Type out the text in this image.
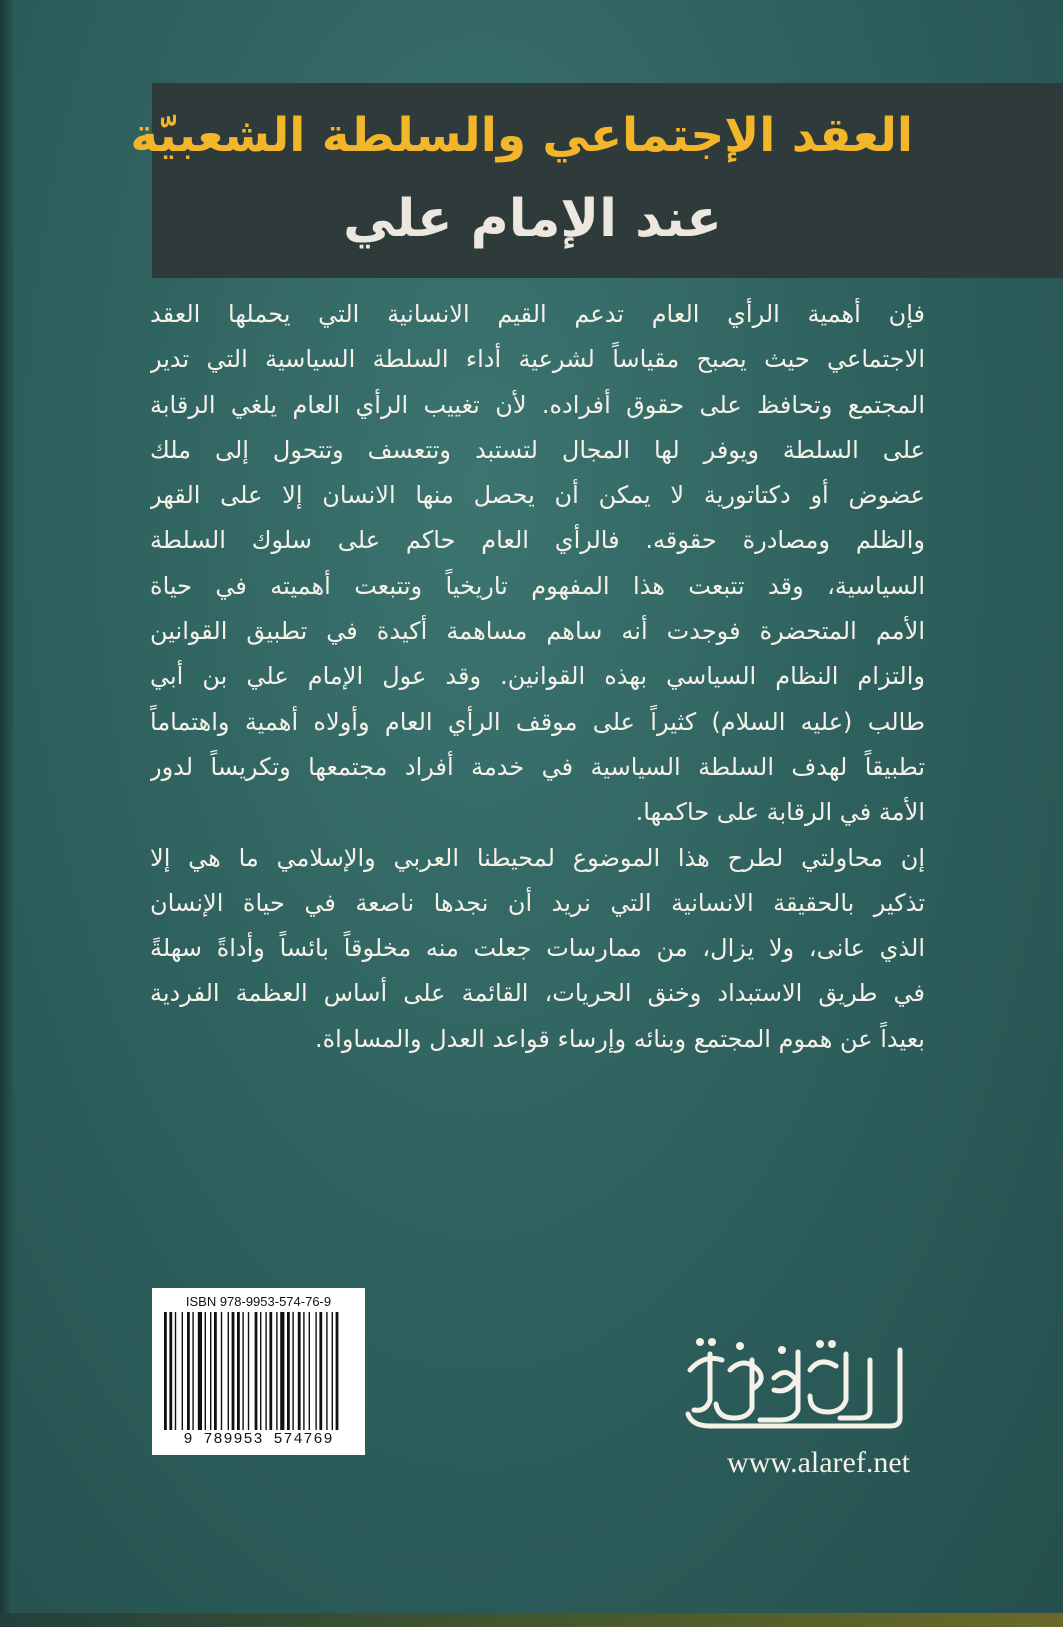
العقد الإجتماعي والسلطة الشعبيّة
عند الإمام علي
فإن أهمية الرأي العام تدعم القيم الانسانية التي يحملها العقد
الاجتماعي حيث يصبح مقياساً لشرعية أداء السلطة السياسية التي تدير
المجتمع وتحافظ على حقوق أفراده. لأن تغييب الرأي العام يلغي الرقابة
على السلطة ويوفر لها المجال لتستبد وتتعسف وتتحول إلى ملك
عضوض أو دكتاتورية لا يمكن أن يحصل منها الانسان إلا على القهر
والظلم ومصادرة حقوقه. فالرأي العام حاكم على سلوك السلطة
السياسية، وقد تتبعت هذا المفهوم تاريخياً وتتبعت أهميته في حياة
الأمم المتحضرة فوجدت أنه ساهم مساهمة أكيدة في تطبيق القوانين
والتزام النظام السياسي بهذه القوانين. وقد عول الإمام علي بن أبي
طالب (عليه السلام) كثيراً على موقف الرأي العام وأولاه أهمية واهتماماً
تطبيقاً لهدف السلطة السياسية في خدمة أفراد مجتمعها وتكريساً لدور
الأمة في الرقابة على حاكمها.
إن محاولتي لطرح هذا الموضوع لمحيطنا العربي والإسلامي ما هي إلا
تذكير بالحقيقة الانسانية التي نريد أن نجدها ناصعة في حياة الإنسان
الذي عانى، ولا يزال، من ممارسات جعلت منه مخلوقاً بائساً وأداةً سهلةً
في طريق الاستبداد وخنق الحريات، القائمة على أساس العظمة الفردية
بعيداً عن هموم المجتمع وبنائه وإرساء قواعد العدل والمساواة.
ISBN 978-9953-574-76-9
9 789953 574769
www.alaref.net
